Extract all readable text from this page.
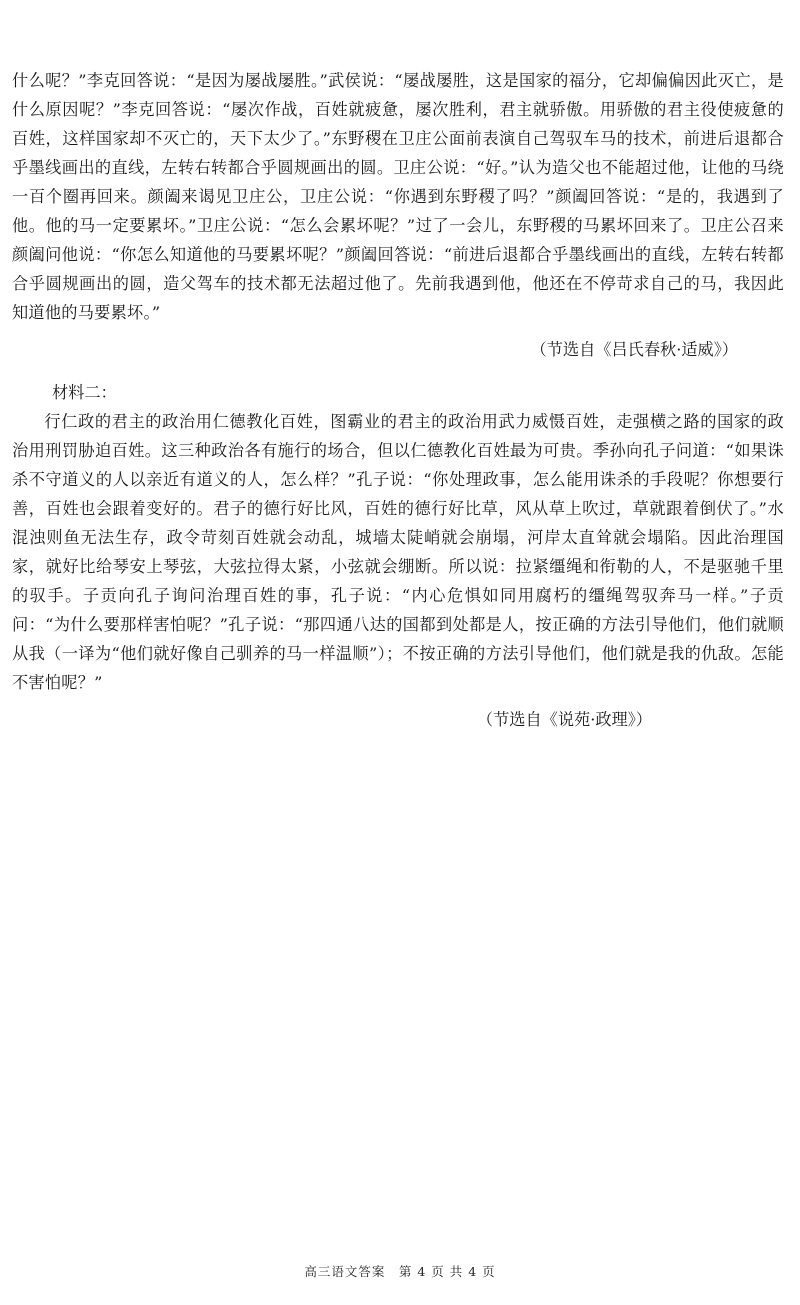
什么呢？”李克回答说：“是因为屡战屡胜。”武侯说：“屡战屡胜，这是国家的福分，它却偏偏因此灭亡，是什么原因呢？”李克回答说：“屡次作战，百姓就疲惫，屡次胜利，君主就骄傲。用骄傲的君主役使疲惫的百姓，这样国家却不灭亡的，天下太少了。”东野稷在卫庄公面前表演自己驾驭车马的技术，前进后退都合乎墨线画出的直线，左转右转都合乎圆规画出的圆。卫庄公说：“好。”认为造父也不能超过他，让他的马绕一百个圈再回来。颜阖来谒见卫庄公，卫庄公说：“你遇到东野稷了吗？”颜阖回答说：“是的，我遇到了他。他的马一定要累坏。”卫庄公说：“怎么会累坏呢？”过了一会儿，东野稷的马累坏回来了。卫庄公召来颜阖问他说：“你怎么知道他的马要累坏呢？”颜阖回答说：“前进后退都合乎墨线画出的直线，左转右转都合乎圆规画出的圆，造父驾车的技术都无法超过他了。先前我遇到他，他还在不停苛求自己的马，我因此知道他的马要累坏。”

（节选自《吕氏春秋·适威》）

材料二：

行仁政的君主的政治用仁德教化百姓，图霸业的君主的政治用武力威慑百姓，走强横之路的国家的政治用刑罚胁迫百姓。这三种政治各有施行的场合，但以仁德教化百姓最为可贵。季孙向孔子问道：“如果诛杀不守道义的人以亲近有道义的人，怎么样？”孔子说：“你处理政事，怎么能用诛杀的手段呢？你想要行善，百姓也会跟着变好的。君子的德行好比风，百姓的德行好比草，风从草上吹过，草就跟着倒伏了。”水混浊则鱼无法生存，政令苛刻百姓就会动乱，城墙太陡峭就会崩塌，河岸太直耸就会塌陷。因此治理国家，就好比给琴安上琴弦，大弦拉得太紧，小弦就会绷断。所以说：拉紧缰绳和衔勒的人，不是驱驰千里的驭手。子贡向孔子询问治理百姓的事，孔子说：“内心危惧如同用腐朽的缰绳驾驭奔马一样。”子贡问：“为什么要那样害怕呢？”孔子说：“那四通八达的国都到处都是人，按正确的方法引导他们，他们就顺从我（一译为“他们就好像自己驯养的马一样温顺”）；不按正确的方法引导他们，他们就是我的仇敌。怎能不害怕呢？”

（节选自《说苑·政理》）

高三语文答案　第 4 页 共 4 页
